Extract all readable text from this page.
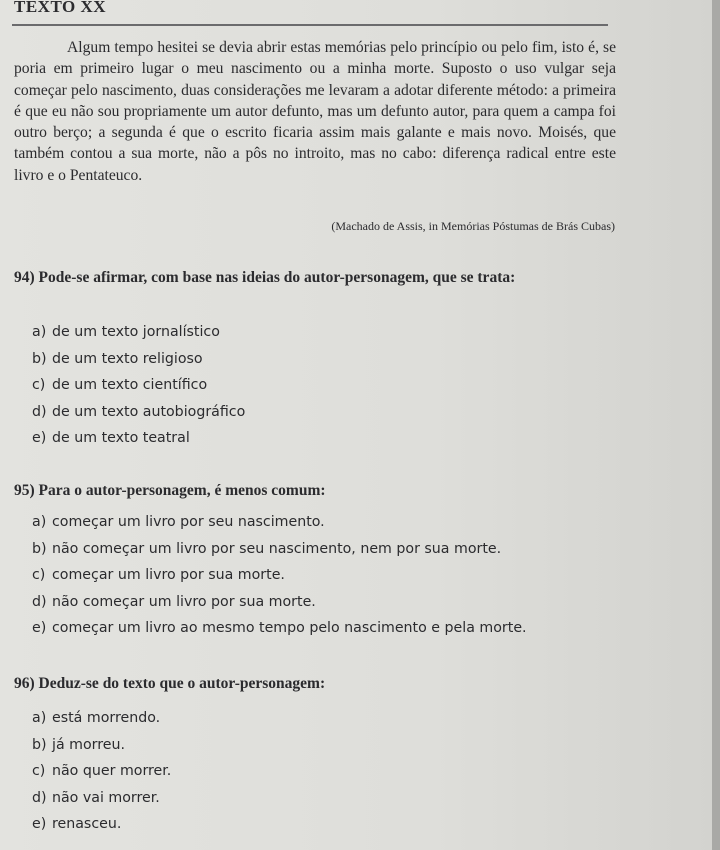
TEXTO XX
Algum tempo hesitei se devia abrir estas memórias pelo princípio ou pelo fim, isto é, se poria em primeiro lugar o meu nascimento ou a minha morte. Suposto o uso vulgar seja começar pelo nascimento, duas considerações me levaram a adotar diferente método: a primeira é que eu não sou propriamente um autor defunto, mas um defunto autor, para quem a campa foi outro berço; a segunda é que o escrito ficaria assim mais galante e mais novo. Moisés, que também contou a sua morte, não a pôs no introito, mas no cabo: diferença radical entre este livro e o Pentateuco.
(Machado de Assis, in Memórias Póstumas de Brás Cubas)
94) Pode-se afirmar, com base nas ideias do autor-personagem, que se trata:
a) de um texto jornalístico
b) de um texto religioso
c) de um texto científico
d) de um texto autobiográfico
e) de um texto teatral
95) Para o autor-personagem, é menos comum:
a) começar um livro por seu nascimento.
b) não começar um livro por seu nascimento, nem por sua morte.
c) começar um livro por sua morte.
d) não começar um livro por sua morte.
e) começar um livro ao mesmo tempo pelo nascimento e pela morte.
96) Deduz-se do texto que o autor-personagem:
a) está morrendo.
b) já morreu.
c) não quer morrer.
d) não vai morrer.
e) renasceu.
